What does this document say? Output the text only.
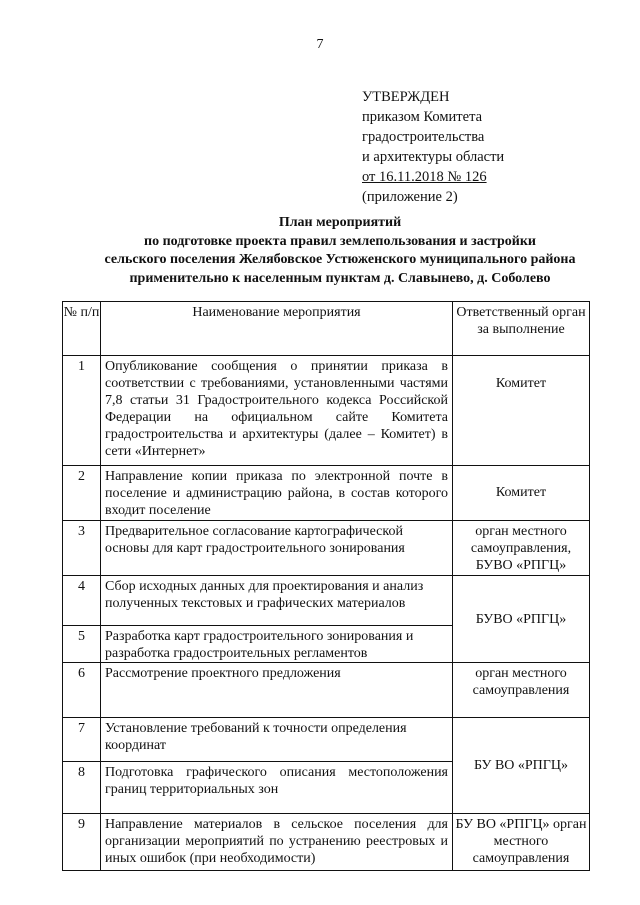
7
УТВЕРЖДЕН
приказом Комитета
градостроительства
и архитектуры области
от 16.11.2018 № 126
(приложение 2)
План мероприятий
по подготовке проекта правил землепользования и застройки
сельского поселения Желябовское Устюженского муниципального района
применительно к населенным пунктам д. Славынево, д. Соболево
№ п/п	Наименование мероприятия	Ответственный орган за выполнение
1	Опубликование сообщения о принятии приказа в соответствии с требованиями, установленными частями 7,8 статьи 31 Градостроительного кодекса Российской Федерации на официальном сайте Комитета градостроительства и архитектуры (далее – Комитет) в сети «Интернет»	Комитет
2	Направление копии приказа по электронной почте в поселение и администрацию района, в состав которого входит поселение	Комитет
3	Предварительное согласование картографической основы для карт градостроительного зонирования	орган местного самоуправления, БУВО «РПГЦ»
4	Сбор исходных данных для проектирования и анализ полученных текстовых и графических материалов	БУВО «РПГЦ»
5	Разработка карт градостроительного зонирования и разработка градостроительных регламентов	
6	Рассмотрение проектного предложения	орган местного самоуправления
7	Установление требований к точности определения координат	БУ ВО «РПГЦ»
8	Подготовка графического описания местоположения границ территориальных зон	
9	Направление материалов в сельское поселения для организации мероприятий по устранению реестровых и иных ошибок (при необходимости)	БУ ВО «РПГЦ» орган местного самоуправления
